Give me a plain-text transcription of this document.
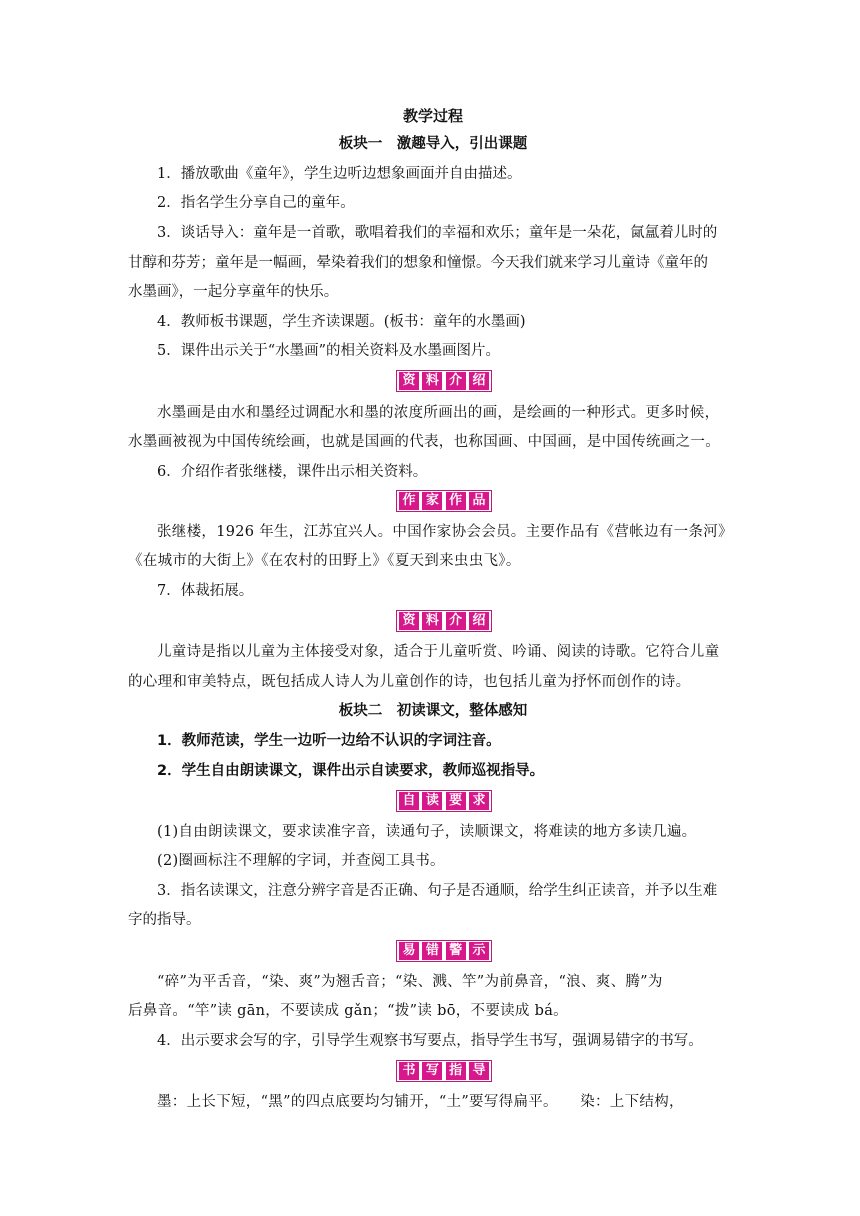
教学过程
板块一　激趣导入，引出课题
1．播放歌曲《童年》，学生边听边想象画面并自由描述。
2．指名学生分享自己的童年。
3．谈话导入：童年是一首歌，歌唱着我们的幸福和欢乐；童年是一朵花，氤氲着儿时的
甘醇和芬芳；童年是一幅画，晕染着我们的想象和憧憬。今天我们就来学习儿童诗《童年的
水墨画》，一起分享童年的快乐。
4．教师板书课题，学生齐读课题。(板书：童年的水墨画)
5．课件出示关于“水墨画”的相关资料及水墨画图片。
资 料 介 绍
水墨画是由水和墨经过调配水和墨的浓度所画出的画，是绘画的一种形式。更多时候，
水墨画被视为中国传统绘画，也就是国画的代表，也称国画、中国画，是中国传统画之一。
6．介绍作者张继楼，课件出示相关资料。
作 家 作 品
张继楼，1926 年生，江苏宜兴人。中国作家协会会员。主要作品有《营帐边有一条河》
《在城市的大街上》《在农村的田野上》《夏天到来虫虫飞》。
7．体裁拓展。
资 料 介 绍
儿童诗是指以儿童为主体接受对象，适合于儿童听赏、吟诵、阅读的诗歌。它符合儿童
的心理和审美特点，既包括成人诗人为儿童创作的诗，也包括儿童为抒怀而创作的诗。
板块二　初读课文，整体感知
1．教师范读，学生一边听一边给不认识的字词注音。
2．学生自由朗读课文，课件出示自读要求，教师巡视指导。
自 读 要 求
(1)自由朗读课文，要求读准字音，读通句子，读顺课文，将难读的地方多读几遍。
(2)圈画标注不理解的字词，并查阅工具书。
3．指名读课文，注意分辨字音是否正确、句子是否通顺，给学生纠正读音，并予以生难
字的指导。
易 错 警 示
“碎”为平舌音，“染、爽”为翘舌音；“染、溅、竿”为前鼻音，“浪、爽、腾”为
后鼻音。“竿”读 gān，不要读成 gǎn；“拨”读 bō，不要读成 bá。
4．出示要求会写的字，引导学生观察书写要点，指导学生书写，强调易错字的书写。
书 写 指 导
墨：上长下短，“黑”的四点底要均匀铺开，“土”要写得扁平。　　染：上下结构，
